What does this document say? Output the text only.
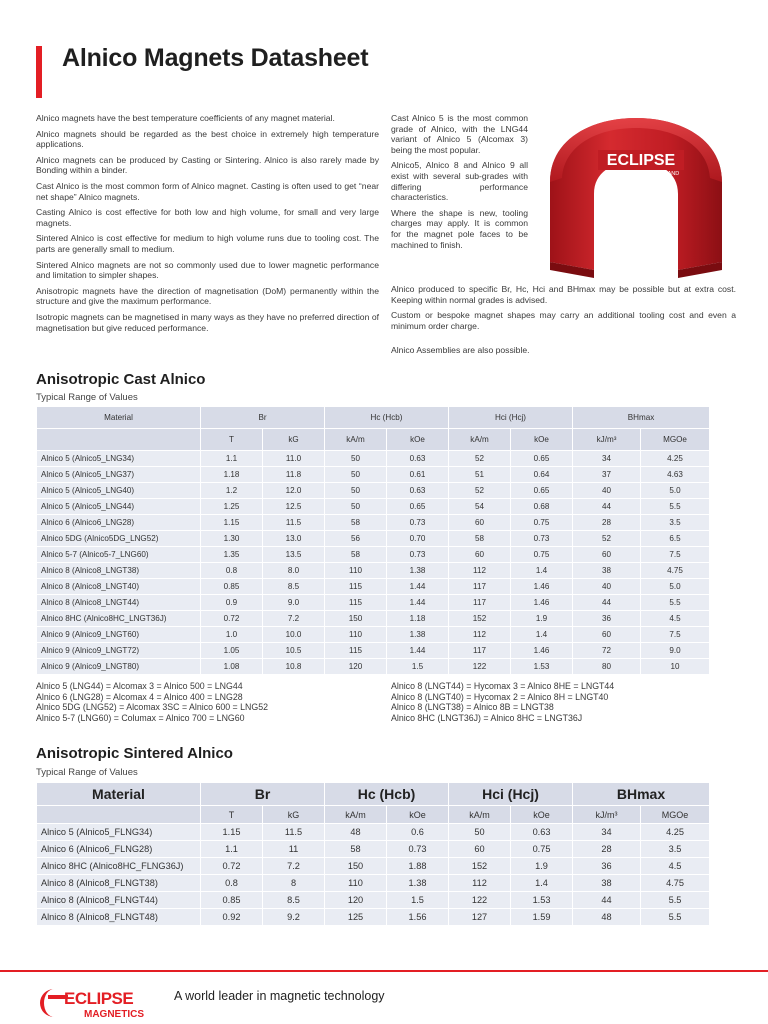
Alnico Magnets Datasheet

Alnico magnets have the best temperature coefficients of any magnet material.

Alnico magnets should be regarded as the best choice in extremely high temperature applications.

Alnico magnets can be produced by Casting or Sintering. Alnico is also rarely made by Bonding within a binder.

Cast Alnico is the most common form of Alnico magnet. Casting is often used to get “near net shape” Alnico magnets.

Casting Alnico is cost effective for both low and high volume, for small and very large magnets.

Sintered Alnico is cost effective for medium to high volume runs due to tooling cost. The parts are generally small to medium.

Sintered Alnico magnets are not so commonly used due to lower magnetic performance and limitation to simpler shapes.

Anisotropic magnets have the direction of magnetisation (DoM) permanently within the structure and give the maximum performance.

Isotropic magnets can be magnetised in many ways as they have no preferred direction of magnetisation but give reduced performance.

Cast Alnico 5 is the most common grade of Alnico, with the LNG44 variant of Alnico 5 (Alcomax 3) being the most popular.

Alnico5, Alnico 8 and Alnico 9 all exist with several sub-grades with differing performance characteristics.

Where the shape is new, tooling charges may apply. It is common for the magnet pole faces to be machined to finish.

ECLIPSE
SHEFFIELD ENGLAND

Alnico produced to specific Br, Hc, Hci and BHmax may be possible but at extra cost. Keeping within normal grades is advised.

Custom or bespoke magnet shapes may carry an additional tooling cost and even a minimum order charge.

Alnico Assemblies are also possible.

Anisotropic Cast Alnico

Typical Range of Values

Material	Br		Hc (Hcb)		Hci (Hcj)		BHmax	
	T	kG	kA/m	kOe	kA/m	kOe	kJ/m³	MGOe
Alnico 5 (Alnico5_LNG34)	1.1	11.0	50	0.63	52	0.65	34	4.25
Alnico 5 (Alnico5_LNG37)	1.18	11.8	50	0.61	51	0.64	37	4.63
Alnico 5 (Alnico5_LNG40)	1.2	12.0	50	0.63	52	0.65	40	5.0
Alnico 5 (Alnico5_LNG44)	1.25	12.5	50	0.65	54	0.68	44	5.5
Alnico 6 (Alnico6_LNG28)	1.15	11.5	58	0.73	60	0.75	28	3.5
Alnico 5DG (Alnico5DG_LNG52)	1.30	13.0	56	0.70	58	0.73	52	6.5
Alnico 5-7 (Alnico5-7_LNG60)	1.35	13.5	58	0.73	60	0.75	60	7.5
Alnico 8 (Alnico8_LNGT38)	0.8	8.0	110	1.38	112	1.4	38	4.75
Alnico 8 (Alnico8_LNGT40)	0.85	8.5	115	1.44	117	1.46	40	5.0
Alnico 8 (Alnico8_LNGT44)	0.9	9.0	115	1.44	117	1.46	44	5.5
Alnico 8HC (Alnico8HC_LNGT36J)	0.72	7.2	150	1.18	152	1.9	36	4.5
Alnico 9 (Alnico9_LNGT60)	1.0	10.0	110	1.38	112	1.4	60	7.5
Alnico 9 (Alnico9_LNGT72)	1.05	10.5	115	1.44	117	1.46	72	9.0
Alnico 9 (Alnico9_LNGT80)	1.08	10.8	120	1.5	122	1.53	80	10
Alnico 5 (LNG44) = Alcomax 3 = Alnico 500 = LNG44
Alnico 6 (LNG28) = Alcomax 4 = Alnico 400 = LNG28
Alnico 5DG (LNG52) = Alcomax 3SC = Alnico 600 = LNG52
Alnico 5-7 (LNG60) = Columax = Alnico 700 = LNG60
Alnico 8 (LNGT44) = Hycomax 3 = Alnico 8HE = LNGT44
Alnico 8 (LNGT40) = Hycomax 2 = Alnico 8H = LNGT40
Alnico 8 (LNGT38) = Alnico 8B = LNGT38
Alnico 8HC (LNGT36J) = Alnico 8HC = LNGT36J
Anisotropic Sintered Alnico

Typical Range of Values

Material	Br		Hc (Hcb)		Hci (Hcj)		BHmax	
	T	kG	kA/m	kOe	kA/m	kOe	kJ/m³	MGOe
Alnico 5 (Alnico5_FLNG34)	1.15	11.5	48	0.6	50	0.63	34	4.25
Alnico 6 (Alnico6_FLNG28)	1.1	11	58	0.73	60	0.75	28	3.5
Alnico 8HC (Alnico8HC_FLNG36J)	0.72	7.2	150	1.88	152	1.9	36	4.5
Alnico 8 (Alnico8_FLNGT38)	0.8	8	110	1.38	112	1.4	38	4.75
Alnico 8 (Alnico8_FLNGT44)	0.85	8.5	120	1.5	122	1.53	44	5.5
Alnico 8 (Alnico8_FLNGT48)	0.92	9.2	125	1.56	127	1.59	48	5.5
ECLIPSE
MAGNETICS
A world leader in magnetic technology
